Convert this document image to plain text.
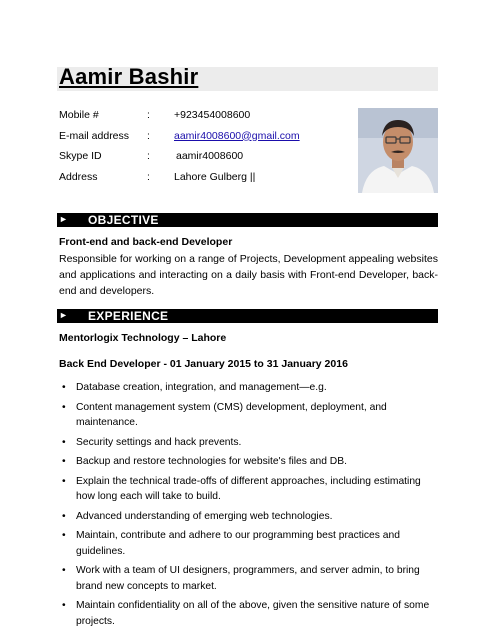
Aamir Bashir
Mobile #	: +923454008600
E-mail address : aamir4008600@gmail.com
Skype ID	: aamir4008600
Address	: Lahore Gulberg ||
► OBJECTIVE
Front-end and back-end Developer
Responsible for working on a range of Projects, Development appealing websites and applications and interacting on a daily basis with Front-end Developer, back-end and developers.
► EXPERIENCE
Mentorlogix Technology – Lahore
Back End Developer - 01 January 2015 to 31 January 2016
• Database creation, integration, and management—e.g.
• Content management system (CMS) development, deployment, and maintenance.
• Security settings and hack prevents.
• Backup and restore technologies for website's files and DB.
• Explain the technical trade-offs of different approaches, including estimating how long each will take to build.
• Advanced understanding of emerging web technologies.
• Maintain, contribute and adhere to our programming best practices and guidelines.
• Work with a team of UI designers, programmers, and server admin, to bring brand new concepts to market.
• Maintain confidentiality on all of the above, given the sensitive nature of some projects.
